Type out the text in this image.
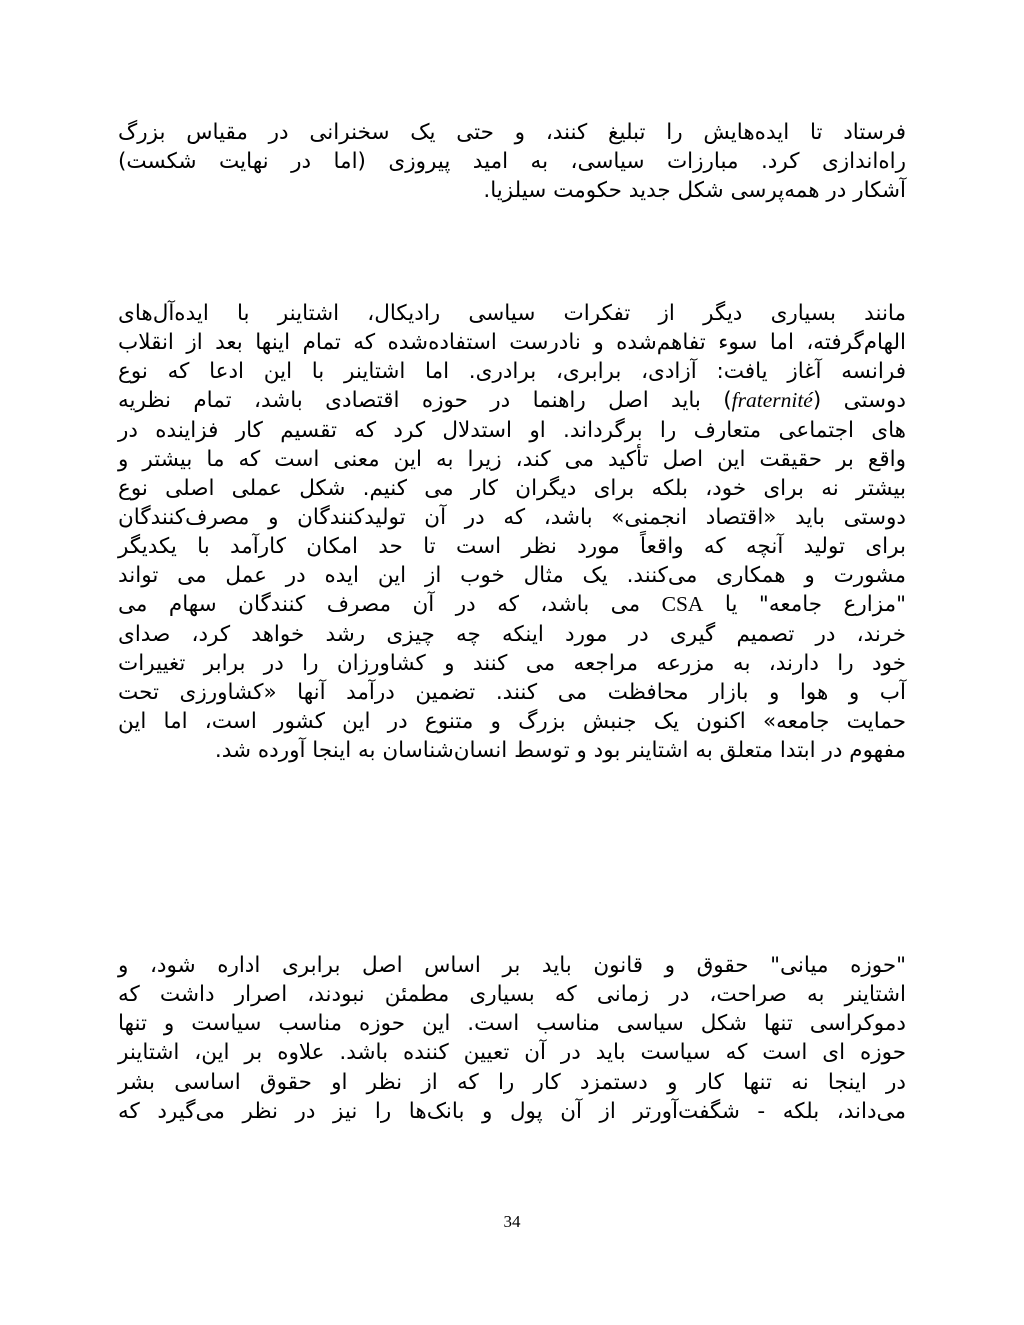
فرستاد تا ایده‌هایش را تبلیغ کنند، و حتی یک سخنرانی در مقیاس بزرگ
راه‌اندازی کرد. مبارزات سیاسی، به امید پیروزی (اما در نهایت شکست)
آشکار در همه‌پرسی شکل جدید حکومت سیلزیا.
مانند بسیاری دیگر از تفکرات سیاسی رادیکال، اشتاینر با ایده‌آل‌های
الهام‌گرفته، اما سوء تفاهم‌شده و نادرست استفاده‌شده که تمام اینها بعد از انقلاب
فرانسه آغاز یافت: آزادی، برابری، برادری. اما اشتاینر با این ادعا که نوع
دوستی (fraternité) باید اصل راهنما در حوزه اقتصادی باشد، تمام نظریه
های اجتماعی متعارف را برگرداند. او استدلال کرد که تقسیم کار فزاینده در
واقع بر حقیقت این اصل تأکید می کند، زیرا به این معنی است که ما بیشتر و
بیشتر نه برای خود، بلکه برای دیگران کار می کنیم. شکل عملی اصلی نوع
دوستی باید «اقتصاد انجمنی» باشد، که در آن تولیدکنندگان و مصرف‌کنندگان
برای تولید آنچه که واقعاً مورد نظر است تا حد امکان کارآمد با یکدیگر
مشورت و همکاری می‌کنند. یک مثال خوب از این ایده در عمل می تواند
"مزارع جامعه" یا CSA می باشد، که در آن مصرف کنندگان سهام می
خرند، در تصمیم گیری در مورد اینکه چه چیزی رشد خواهد کرد، صدای
خود را دارند، به مزرعه مراجعه می کنند و کشاورزان را در برابر تغییرات
آب و هوا و بازار محافظت می کنند. تضمین درآمد آنها «کشاورزی تحت
حمایت جامعه» اکنون یک جنبش بزرگ و متنوع در این کشور است، اما این
مفهوم در ابتدا متعلق به اشتاینر بود و توسط انسان‌شناسان به اینجا آورده شد.
"حوزه میانی" حقوق و قانون باید بر اساس اصل برابری اداره شود، و
اشتاینر به صراحت، در زمانی که بسیاری مطمئن نبودند، اصرار داشت که
دموکراسی تنها شکل سیاسی مناسب است. این حوزه مناسب سیاست و تنها
حوزه ای است که سیاست باید در آن تعیین کننده باشد. علاوه بر این، اشتاینر
در اینجا نه تنها کار و دستمزد کار را که از نظر او حقوق اساسی بشر
می‌داند، بلکه - شگفت‌آورتر از آن پول و بانک‌ها را نیز در نظر می‌گیرد که
34
